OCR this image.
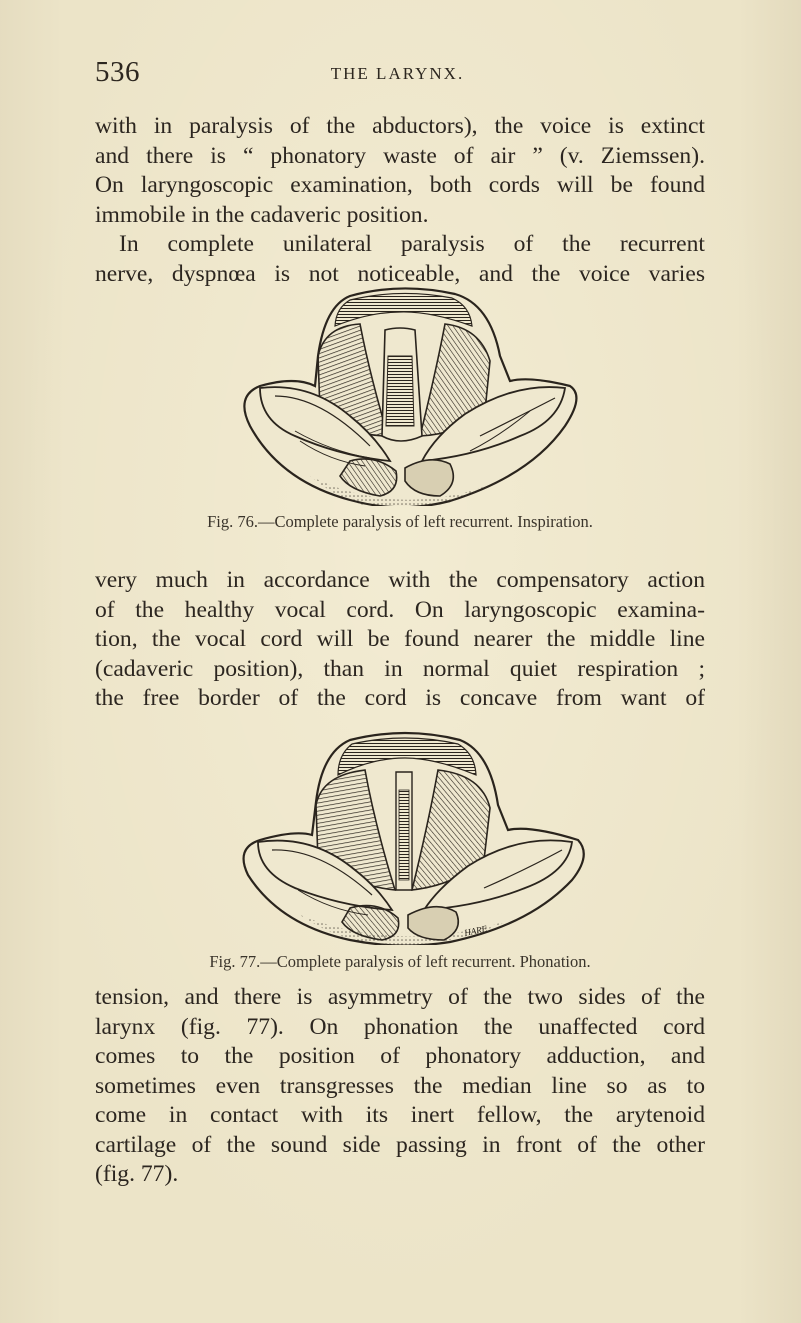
536	THE LARYNX.
with in paralysis of the abductors), the voice is extinct
and there is “ phonatory waste of air ” (v. Ziemssen).
On laryngoscopic examination, both cords will be found
immobile in the cadaveric position.
In complete unilateral paralysis of the recurrent
nerve, dyspnœa is not noticeable, and the voice varies
Fig. 76.—Complete paralysis of left recurrent. Inspiration.
very much in accordance with the compensatory action
of the healthy vocal cord. On laryngoscopic examina-
tion, the vocal cord will be found nearer the middle line
(cadaveric position), than in normal quiet respiration ;
the free border of the cord is concave from want of
HARE
Fig. 77.—Complete paralysis of left recurrent. Phonation.
tension, and there is asymmetry of the two sides of the
larynx (fig. 77). On phonation the unaffected cord
comes to the position of phonatory adduction, and
sometimes even transgresses the median line so as to
come in contact with its inert fellow, the arytenoid
cartilage of the sound side passing in front of the other
(fig. 77).
